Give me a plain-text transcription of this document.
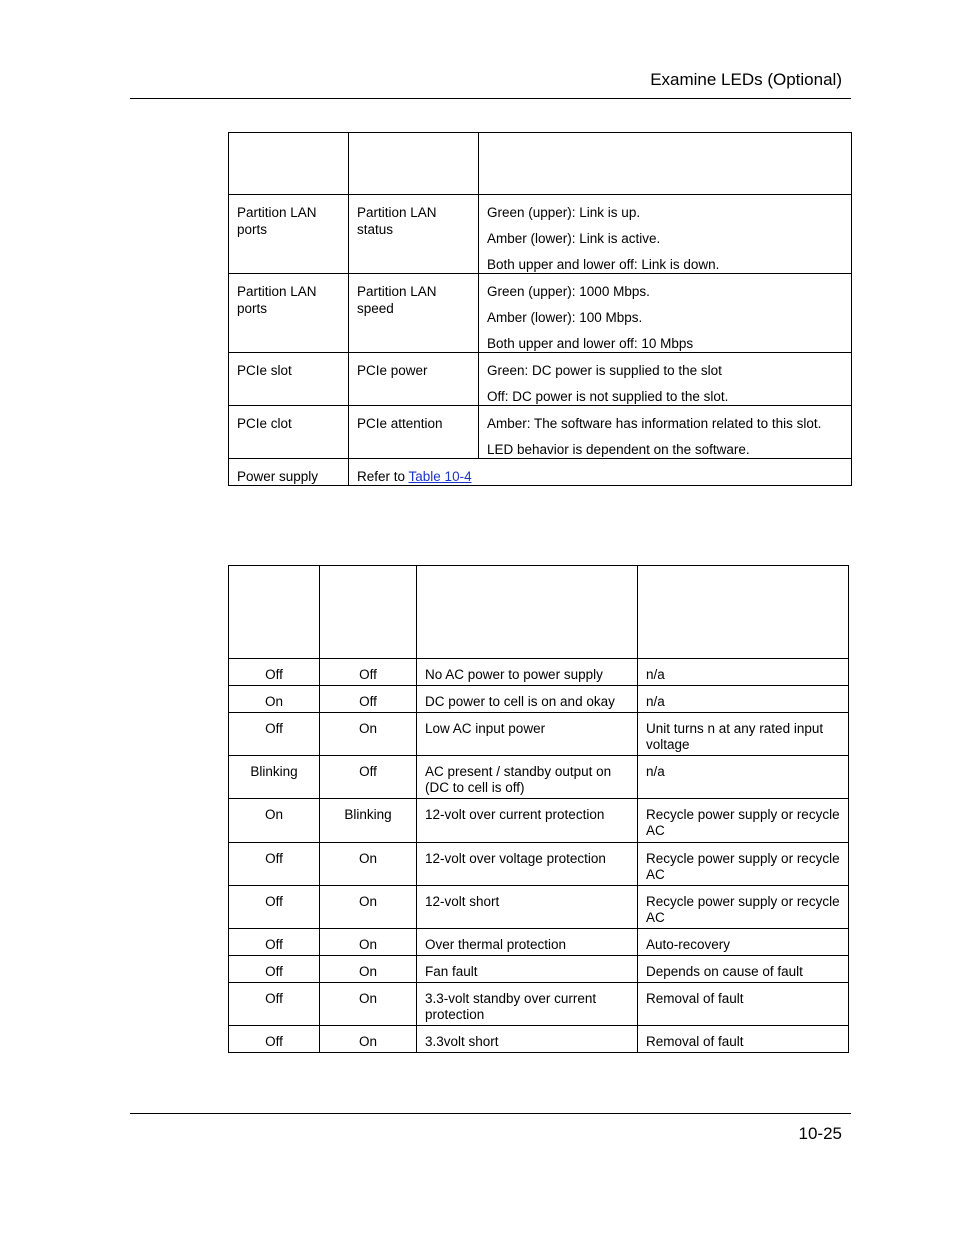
Examine LEDs (Optional)

Partition LAN ports	Partition LAN status	Green (upper): Link is up.
Amber (lower): Link is active.
Both upper and lower off: Link is down.

Partition LAN ports	Partition LAN speed	Green (upper): 1000 Mbps.
Amber (lower): 100 Mbps.
Both upper and lower off: 10 Mbps

PCIe slot	PCIe power	Green: DC power is supplied to the slot
Off: DC power is not supplied to the slot.

PCIe clot	PCIe attention	Amber: The software has information related to this slot.
LED behavior is dependent on the software.

Power supply	Refer to Table 10-4	

Off	Off	No AC power to power supply	n/a
On	Off	DC power to cell is on and okay	n/a
Off	On	Low AC input power	Unit turns n at any rated input voltage
Blinking	Off	AC present / standby output on (DC to cell is off)	n/a
On	Blinking	12-volt over current protection	Recycle power supply or recycle AC
Off	On	12-volt over voltage protection	Recycle power supply or recycle AC
Off	On	12-volt short	Recycle power supply or recycle AC
Off	On	Over thermal protection	Auto-recovery
Off	On	Fan fault	Depends on cause of fault
Off	On	3.3-volt standby over current protection	Removal of fault
Off	On	3.3volt short	Removal of fault
10-25
